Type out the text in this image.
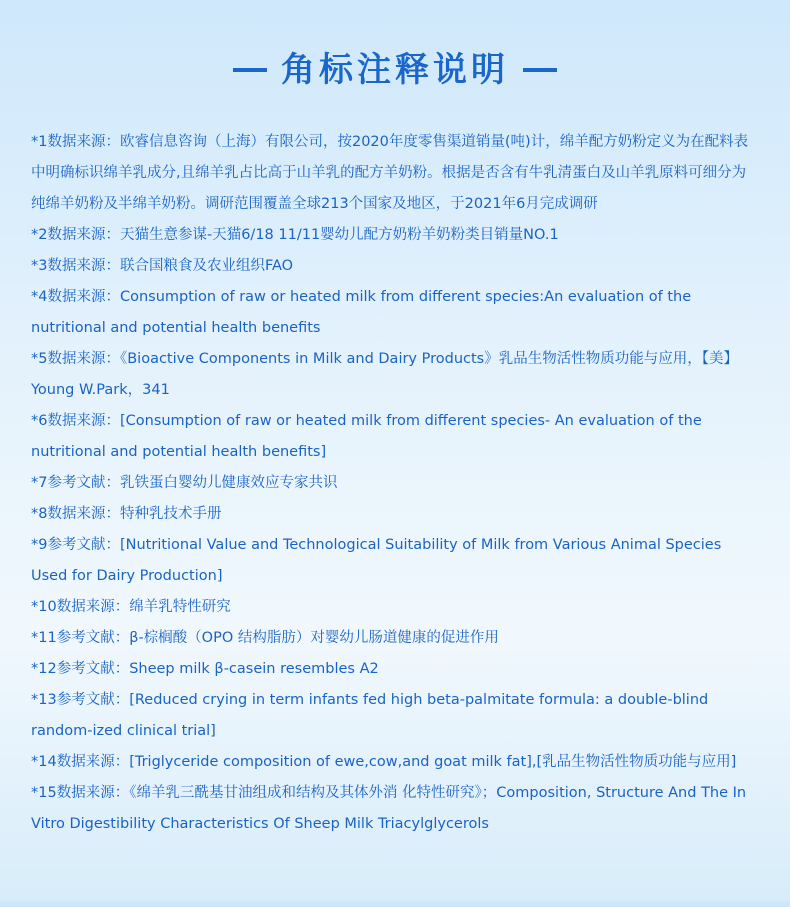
角标注释说明
*1数据来源：欧睿信息咨询（上海）有限公司，按2020年度零售渠道销量(吨)计，绵羊配方奶粉定义为在配料表中明确标识绵羊乳成分,且绵羊乳占比高于山羊乳的配方羊奶粉。根据是否含有牛乳清蛋白及山羊乳原料可细分为纯绵羊奶粉及半绵羊奶粉。调研范围覆盖全球213个国家及地区，于2021年6月完成调研
*2数据来源：天猫生意参谋-天猫6/18 11/11婴幼儿配方奶粉羊奶粉类目销量NO.1
*3数据来源：联合国粮食及农业组织FAO
*4数据来源：Consumption of raw or heated milk from different species:An evaluation of the nutritional and potential health benefits
*5数据来源：《Bioactive Components in Milk and Dairy Products》乳品生物活性物质功能与应用，【美】Young W.Park，341
*6数据来源：[Consumption of raw or heated milk from different species- An evaluation of the nutritional and potential health benefits]
*7参考文献：乳铁蛋白婴幼儿健康效应专家共识
*8数据来源：特种乳技术手册
*9参考文献：[Nutritional Value and Technological Suitability of Milk from Various Animal Species Used for Dairy Production]
*10数据来源：绵羊乳特性研究
*11参考文献：β-棕榈酸（OPO 结构脂肪）对婴幼儿肠道健康的促进作用
*12参考文献：Sheep milk β-casein resembles A2
*13参考文献：[Reduced crying in term infants fed high beta-palmitate formula: a double-blind random-ized clinical trial]
*14数据来源：[Triglyceride composition of ewe,cow,and goat milk fat],[乳品生物活性物质功能与应用]
*15数据来源：《绵羊乳三酰基甘油组成和结构及其体外消 化特性研究》；Composition, Structure And The In Vitro Digestibility Characteristics Of Sheep Milk Triacylglycerols
